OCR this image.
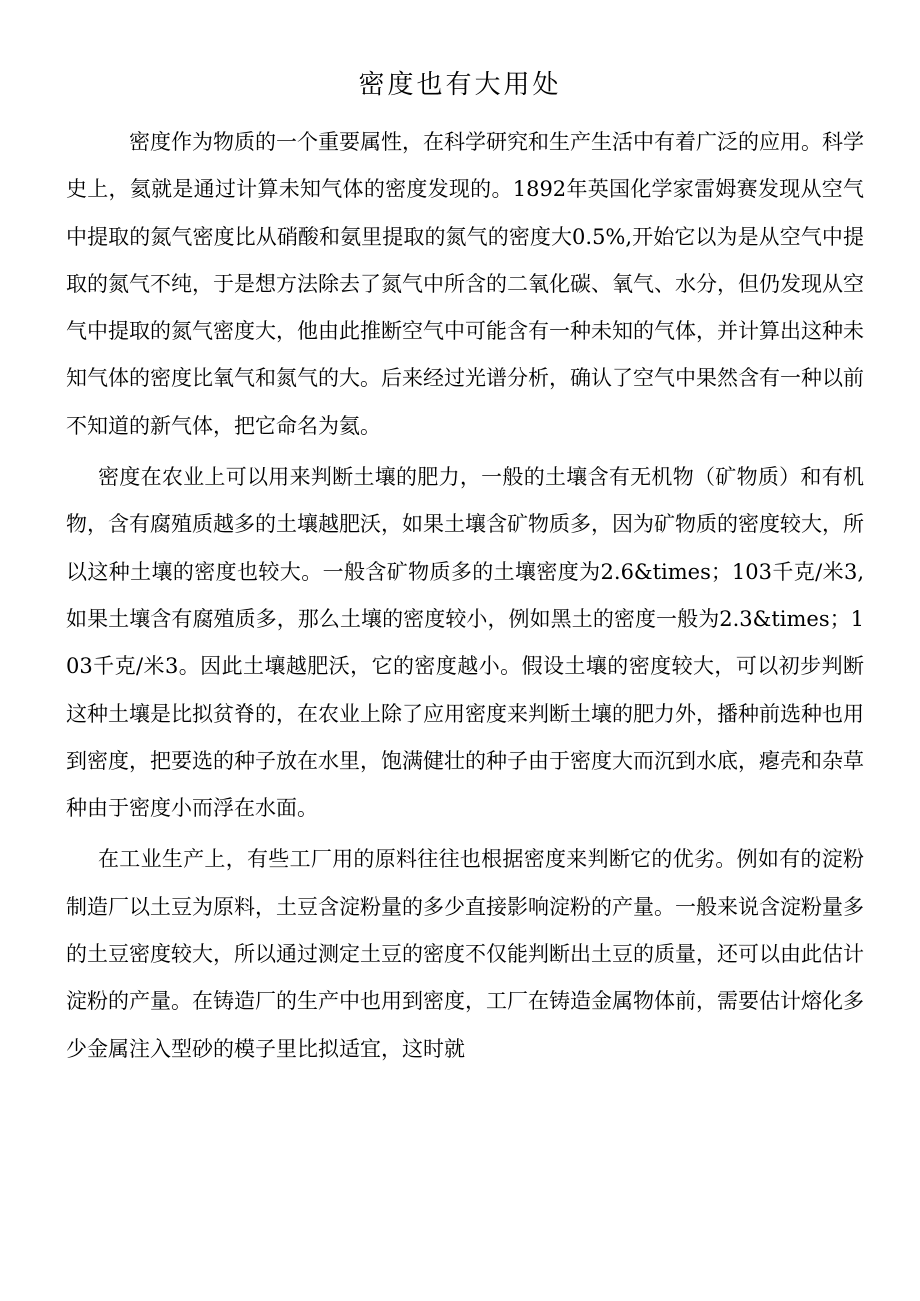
密度也有大用处

密度作为物质的一个重要属性，在科学研究和生产生活中有着广泛的应用。科学史上，氦就是通过计算未知气体的密度发现的。1892年英国化学家雷姆赛发现从空气中提取的氮气密度比从硝酸和氨里提取的氮气的密度大0.5%,开始它以为是从空气中提取的氮气不纯，于是想方法除去了氮气中所含的二氧化碳、氧气、水分，但仍发现从空气中提取的氮气密度大，他由此推断空气中可能含有一种未知的气体，并计算出这种未知气体的密度比氧气和氮气的大。后来经过光谱分析，确认了空气中果然含有一种以前不知道的新气体，把它命名为氦。

密度在农业上可以用来判断土壤的肥力，一般的土壤含有无机物（矿物质）和有机物，含有腐殖质越多的土壤越肥沃，如果土壤含矿物质多，因为矿物质的密度较大，所以这种土壤的密度也较大。一般含矿物质多的土壤密度为2.6&times；103千克/米3,如果土壤含有腐殖质多，那么土壤的密度较小，例如黑土的密度一般为2.3&times；103千克/米3。因此土壤越肥沃，它的密度越小。假设土壤的密度较大，可以初步判断这种土壤是比拟贫脊的，在农业上除了应用密度来判断土壤的肥力外，播种前选种也用到密度，把要选的种子放在水里，饱满健壮的种子由于密度大而沉到水底，瘪壳和杂草种由于密度小而浮在水面。

在工业生产上，有些工厂用的原料往往也根据密度来判断它的优劣。例如有的淀粉制造厂以土豆为原料，土豆含淀粉量的多少直接影响淀粉的产量。一般来说含淀粉量多的土豆密度较大，所以通过测定土豆的密度不仅能判断出土豆的质量，还可以由此估计淀粉的产量。在铸造厂的生产中也用到密度，工厂在铸造金属物体前，需要估计熔化多少金属注入型砂的模子里比拟适宜，这时就
